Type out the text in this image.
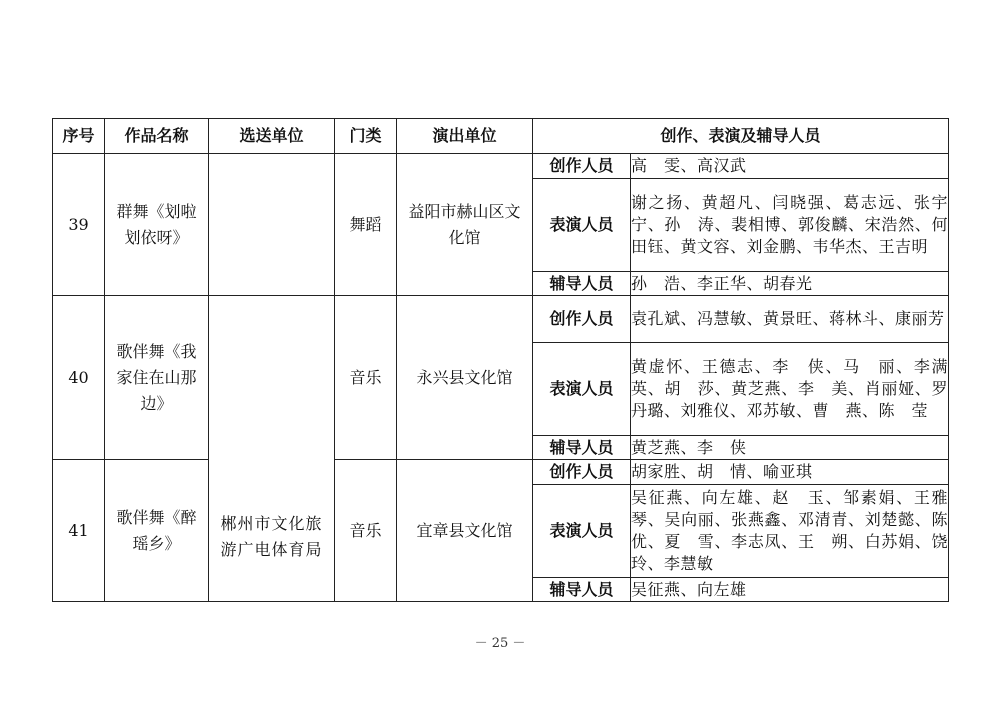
序号	作品名称	选送单位	门类	演出单位	创作、表演及辅导人员	
39	群舞《划啦划依呀》		舞蹈	益阳市赫山区文化馆	创作人员	高　雯、高汉武
					表演人员	谢之扬、黄超凡、闫晓强、葛志远、张宇宁、孙　涛、裴相博、郭俊麟、宋浩然、何田钰、黄文容、刘金鹏、韦华杰、王吉明
					辅导人员	孙　浩、李正华、胡春光
40	歌伴舞《我家住在山那边》	郴州市文化旅游广电体育局	音乐	永兴县文化馆	创作人员	袁孔斌、冯慧敏、黄景旺、蒋林斗、康丽芳
					表演人员	黄虚怀、王德志、李　侠、马　丽、李满英、胡　莎、黄芝燕、李　美、肖丽娅、罗丹璐、刘雅仪、邓苏敏、曹　燕、陈　莹
					辅导人员	黄芝燕、李　侠
41	歌伴舞《醉瑶乡》		音乐	宜章县文化馆	创作人员	胡家胜、胡　情、喻亚琪
					表演人员	吴征燕、向左雄、赵　玉、邹素娟、王雅琴、吴向丽、张燕鑫、邓清青、刘楚懿、陈　优、夏　雪、李志凤、王　朔、白苏娟、饶　玲、李慧敏
					辅导人员	吴征燕、向左雄
－ 25 －
